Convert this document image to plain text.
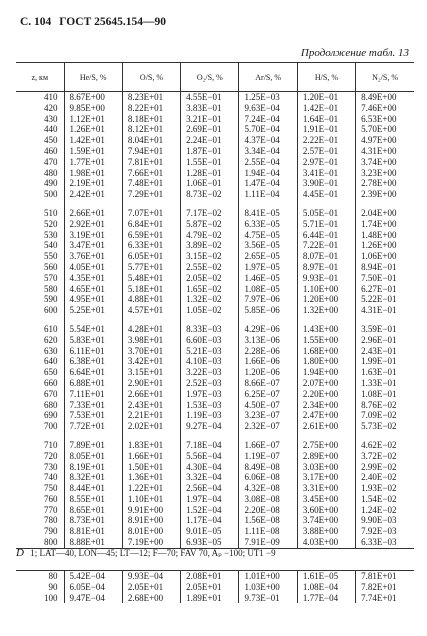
С. 104 ГОСТ 25645.154—90
Продолжение табл. 13
z, км	He/S, %	O/S, %	O₂/S, %	Ar/S, %	H/S, %	N₂/S, %
410	8.67E+00	8.23E+01	4.55E−01	1.25E−03	1.20E−01	8.49E+00
420	9.85E+00	8.22E+01	3.83E−01	9.63E−04	1.42E−01	7.46E+00
430	1.12E+01	8.18E+01	3.21E−01	7.24E−04	1.64E−01	6.53E+00
440	1.26E+01	8.12E+01	2.69E−01	5.70E−04	1.91E−01	5.70E+00
450	1.42E+01	8.04E+01	2.24E−01	4.37E−04	2.22E−01	4.97E+00
460	1.59E+01	7.94E+01	1.87E−01	3.34E−04	2.57E−01	4.31E+00
470	1.77E+01	7.81E+01	1.55E−01	2.55E−04	2.97E−01	3.74E+00
480	1.98E+01	7.66E+01	1.28E−01	1.94E−04	3.41E−01	3.23E+00
490	2.19E+01	7.48E+01	1.06E−01	1.47E−04	3.90E−01	2.78E+00
500	2.42E+01	7.29E+01	8.73E−02	1.11E−04	4.45E−01	2.39E+00

510	2.66E+01	7.07E+01	7.17E−02	8.41E−05	5.05E−01	2.04E+00
520	2.92E+01	6.84E+01	5.87E−02	6.33E−05	5.71E−01	1.74E+00
530	3.19E+01	6.59E+01	4.79E−02	4.75E−05	6.44E−01	1.48E+00
540	3.47E+01	6.33E+01	3.89E−02	3.56E−05	7.22E−01	1.26E+00
550	3.76E+01	6.05E+01	3.15E−02	2.65E−05	8.07E−01	1.06E+00
560	4.05E+01	5.77E+01	2.55E−02	1.97E−05	8.97E−01	8.94E−01
570	4.35E+01	5.48E+01	2.05E−02	1.46E−05	9.93E−01	7.50E−01
580	4.65E+01	5.18E+01	1.65E−02	1.08E−05	1.10E+00	6.27E−01
590	4.95E+01	4.88E+01	1.32E−02	7.97E−06	1.20E+00	5.22E−01
600	5.25E+01	4.57E+01	1.05E−02	5.85E−06	1.32E+00	4.31E−01

610	5.54E+01	4.28E+01	8.33E−03	4.29E−06	1.43E+00	3.59E−01
620	5.83E+01	3.98E+01	6.60E−03	3.13E−06	1.55E+00	2.96E−01
630	6.11E+01	3.70E+01	5.21E−03	2.28E−06	1.68E+00	2.43E−01
640	6.38E+01	3.42E+01	4.10E−03	1.66E−06	1.80E+00	1.99E−01
650	6.64E+01	3.15E+01	3.22E−03	1.20E−06	1.94E+00	1.63E−01
660	6.88E+01	2.90E+01	2.52E−03	8.66E−07	2.07E+00	1.33E−01
670	7.11E+01	2.66E+01	1.97E−03	6.25E−07	2.20E+00	1.08E−01
680	7.33E+01	2.43E+01	1.53E−03	4.50E−07	2.34E+00	8.76E−02
690	7.53E+01	2.21E+01	1.19E−03	3.23E−07	2.47E+00	7.09E−02
700	7.72E+01	2.02E+01	9.27E−04	2.32E−07	2.61E+00	5.73E−02

710	7.89E+01	1.83E+01	7.18E−04	1.66E−07	2.75E+00	4.62E−02
720	8.05E+01	1.66E+01	5.56E−04	1.19E−07	2.89E+00	3.72E−02
730	8.19E+01	1.50E+01	4.30E−04	8.49E−08	3.03E+00	2.99E−02
740	8.32E+01	1.36E+01	3.32E−04	6.06E−08	3.17E+00	2.40E−02
750	8.44E+01	1.22E+01	2.56E−04	4.32E−08	3.31E+00	1.93E−02
760	8.55E+01	1.10E+01	1.97E−04	3.08E−08	3.45E+00	1.54E−02
770	8.65E+01	9.91E+00	1.52E−04	2.20E−08	3.60E+00	1.24E−02
780	8.73E+01	8.91E+00	1.17E−04	1.56E−08	3.74E+00	9.90E−03
790	8.81E+01	8.01E+00	9.01E−05	1.11E−08	3.88E+00	7.92E−03
800	8.88E+01	7.19E+00	6.93E−05	7.91E−09	4.03E+00	6.33E−03
D 1; LAT—40, LON—45; LT—12; F—70; FAV 70, Aₚ −100; UT1 −9
80	5.42E−04	9.93E−04	2.08E+01	1.01E+00	1.61E−05	7.81E+01
90	6.05E−04	2.05E+01	2.05E+01	1.03E+00	1.08E−04	7.82E+01
100	9.47E−04	2.68E+00	1.89E+01	9.73E−01	1.77E−04	7.74E+01
